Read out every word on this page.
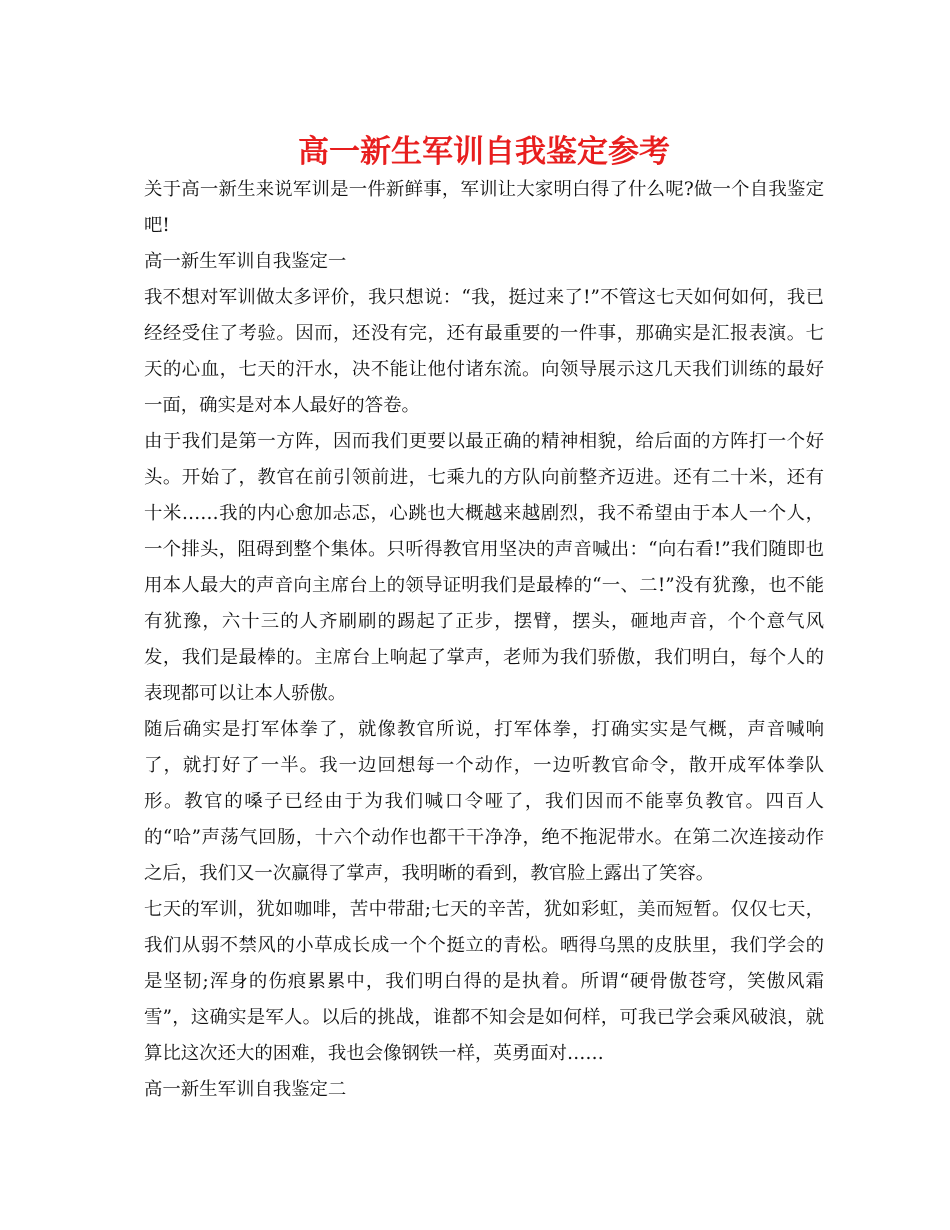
高一新生军训自我鉴定参考

关于高一新生来说军训是一件新鲜事，军训让大家明白得了什么呢?做一个自我鉴定吧!

高一新生军训自我鉴定一

我不想对军训做太多评价，我只想说：“我，挺过来了!”不管这七天如何如何，我已经经受住了考验。因而，还没有完，还有最重要的一件事，那确实是汇报表演。七天的心血，七天的汗水，决不能让他付诸东流。向领导展示这几天我们训练的最好一面，确实是对本人最好的答卷。

由于我们是第一方阵，因而我们更要以最正确的精神相貌，给后面的方阵打一个好头。开始了，教官在前引领前进，七乘九的方队向前整齐迈进。还有二十米，还有十米……我的内心愈加忐忑，心跳也大概越来越剧烈，我不希望由于本人一个人，一个排头，阻碍到整个集体。只听得教官用坚决的声音喊出：“向右看!”我们随即也用本人最大的声音向主席台上的领导证明我们是最棒的“一、二!”没有犹豫，也不能有犹豫，六十三的人齐刷刷的踢起了正步，摆臂，摆头，砸地声音，个个意气风发，我们是最棒的。主席台上响起了掌声，老师为我们骄傲，我们明白，每个人的表现都可以让本人骄傲。

随后确实是打军体拳了，就像教官所说，打军体拳，打确实实是气概，声音喊响了，就打好了一半。我一边回想每一个动作，一边听教官命令，散开成军体拳队形。教官的嗓子已经由于为我们喊口令哑了，我们因而不能辜负教官。四百人的“哈”声荡气回肠，十六个动作也都干干净净，绝不拖泥带水。在第二次连接动作之后，我们又一次赢得了掌声，我明晰的看到，教官脸上露出了笑容。

七天的军训，犹如咖啡，苦中带甜;七天的辛苦，犹如彩虹，美而短暂。仅仅七天，我们从弱不禁风的小草成长成一个个挺立的青松。晒得乌黑的皮肤里，我们学会的是坚韧;浑身的伤痕累累中，我们明白得的是执着。所谓“硬骨傲苍穹，笑傲风霜雪”，这确实是军人。以后的挑战，谁都不知会是如何样，可我已学会乘风破浪，就算比这次还大的困难，我也会像钢铁一样，英勇面对……

高一新生军训自我鉴定二
